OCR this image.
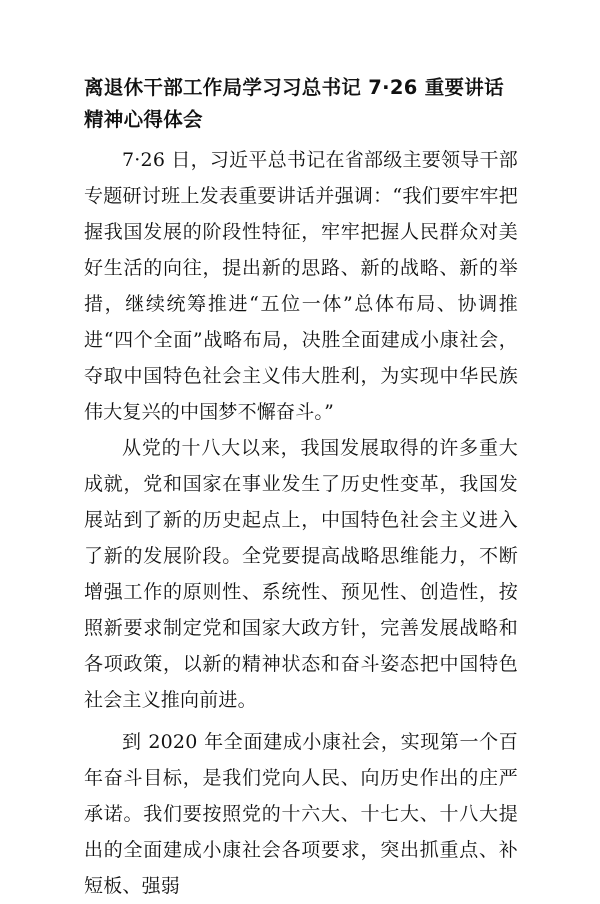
离退休干部工作局学习习总书记 7·26 重要讲话精神心得体会

7·26 日，习近平总书记在省部级主要领导干部专题研讨班上发表重要讲话并强调：“我们要牢牢把握我国发展的阶段性特征，牢牢把握人民群众对美好生活的向往，提出新的思路、新的战略、新的举措，继续统筹推进“五位一体”总体布局、协调推进“四个全面”战略布局，决胜全面建成小康社会，夺取中国特色社会主义伟大胜利，为实现中华民族伟大复兴的中国梦不懈奋斗。”

从党的十八大以来，我国发展取得的许多重大成就，党和国家在事业发生了历史性变革，我国发展站到了新的历史起点上，中国特色社会主义进入了新的发展阶段。全党要提高战略思维能力，不断增强工作的原则性、系统性、预见性、创造性，按照新要求制定党和国家大政方针，完善发展战略和各项政策，以新的精神状态和奋斗姿态把中国特色社会主义推向前进。

到 2020 年全面建成小康社会，实现第一个百年奋斗目标，是我们党向人民、向历史作出的庄严承诺。我们要按照党的十六大、十七大、十八大提出的全面建成小康社会各项要求，突出抓重点、补短板、强弱
